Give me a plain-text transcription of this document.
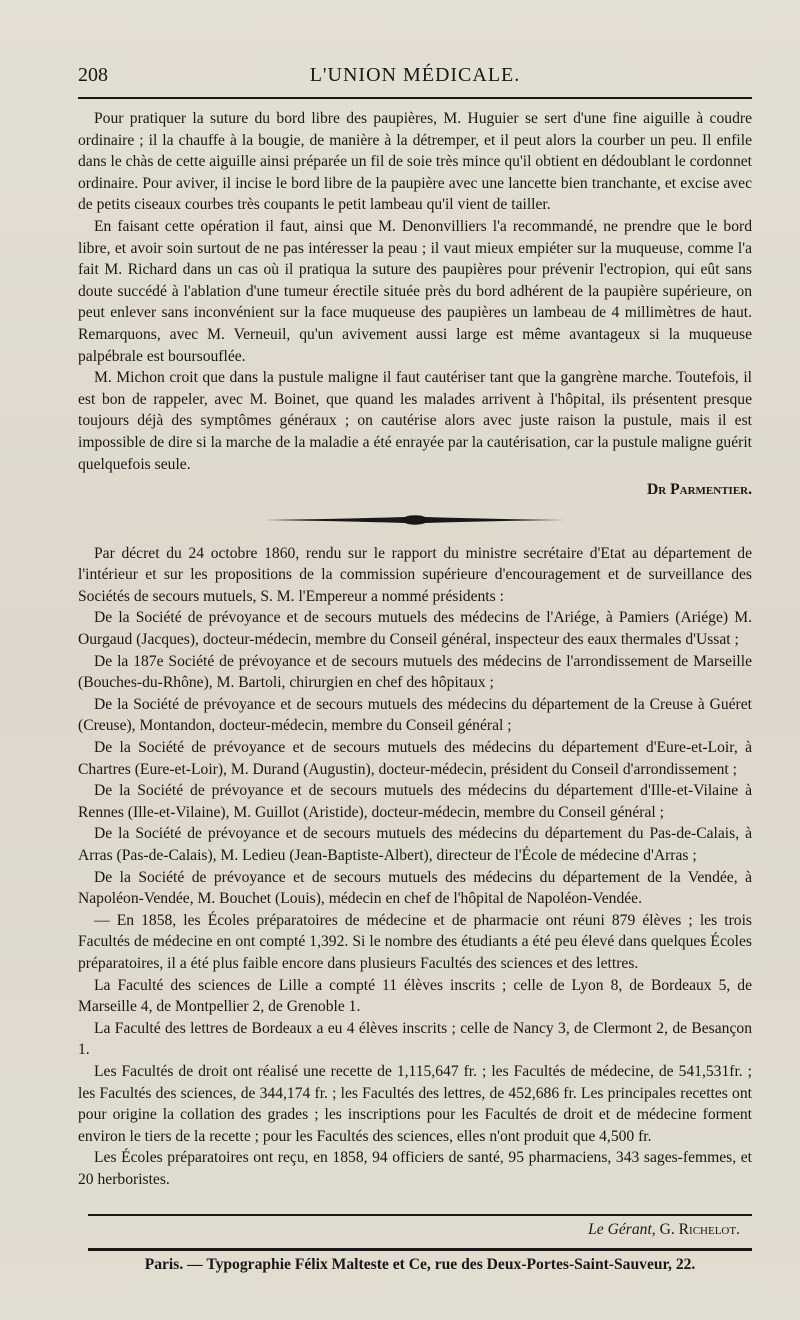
208	L'UNION MÉDICALE.

Pour pratiquer la suture du bord libre des paupières, M. Huguier se sert d'une fine aiguille à coudre ordinaire ; il la chauffe à la bougie, de manière à la détremper, et il peut alors la courber un peu. Il enfile dans le chàs de cette aiguille ainsi préparée un fil de soie très mince qu'il obtient en dédoublant le cordonnet ordinaire. Pour aviver, il incise le bord libre de la paupière avec une lancette bien tranchante, et excise avec de petits ciseaux courbes très coupants le petit lambeau qu'il vient de tailler.

En faisant cette opération il faut, ainsi que M. Denonvilliers l'a recommandé, ne prendre que le bord libre, et avoir soin surtout de ne pas intéresser la peau ; il vaut mieux empiéter sur la muqueuse, comme l'a fait M. Richard dans un cas où il pratiqua la suture des paupières pour prévenir l'ectropion, qui eût sans doute succédé à l'ablation d'une tumeur érectile située près du bord adhérent de la paupière supérieure, on peut enlever sans inconvénient sur la face muqueuse des paupières un lambeau de 4 millimètres de haut. Remarquons, avec M. Verneuil, qu'un avivement aussi large est même avantageux si la muqueuse palpébrale est boursouflée.

M. Michon croit que dans la pustule maligne il faut cautériser tant que la gangrène marche. Toutefois, il est bon de rappeler, avec M. Boinet, que quand les malades arrivent à l'hôpital, ils présentent presque toujours déjà des symptômes généraux ; on cautérise alors avec juste raison la pustule, mais il est impossible de dire si la marche de la maladie a été enrayée par la cautérisation, car la pustule maligne guérit quelquefois seule.

Dr Parmentier.

Par décret du 24 octobre 1860, rendu sur le rapport du ministre secrétaire d'Etat au département de l'intérieur et sur les propositions de la commission supérieure d'encouragement et de surveillance des Sociétés de secours mutuels, S. M. l'Empereur a nommé présidents :

De la Société de prévoyance et de secours mutuels des médecins de l'Ariége, à Pamiers (Ariége) M. Ourgaud (Jacques), docteur-médecin, membre du Conseil général, inspecteur des eaux thermales d'Ussat ;

De la 187e Société de prévoyance et de secours mutuels des médecins de l'arrondissement de Marseille (Bouches-du-Rhône), M. Bartoli, chirurgien en chef des hôpitaux ;

De la Société de prévoyance et de secours mutuels des médecins du département de la Creuse à Guéret (Creuse), Montandon, docteur-médecin, membre du Conseil général ;

De la Société de prévoyance et de secours mutuels des médecins du département d'Eure-et-Loir, à Chartres (Eure-et-Loir), M. Durand (Augustin), docteur-médecin, président du Conseil d'arrondissement ;

De la Société de prévoyance et de secours mutuels des médecins du département d'Ille-et-Vilaine à Rennes (Ille-et-Vilaine), M. Guillot (Aristide), docteur-médecin, membre du Conseil général ;

De la Société de prévoyance et de secours mutuels des médecins du département du Pas-de-Calais, à Arras (Pas-de-Calais), M. Ledieu (Jean-Baptiste-Albert), directeur de l'École de médecine d'Arras ;

De la Société de prévoyance et de secours mutuels des médecins du département de la Vendée, à Napoléon-Vendée, M. Bouchet (Louis), médecin en chef de l'hôpital de Napoléon-Vendée.

— En 1858, les Écoles préparatoires de médecine et de pharmacie ont réuni 879 élèves ; les trois Facultés de médecine en ont compté 1,392. Si le nombre des étudiants a été peu élevé dans quelques Écoles préparatoires, il a été plus faible encore dans plusieurs Facultés des sciences et des lettres.

La Faculté des sciences de Lille a compté 11 élèves inscrits ; celle de Lyon 8, de Bordeaux 5, de Marseille 4, de Montpellier 2, de Grenoble 1.

La Faculté des lettres de Bordeaux a eu 4 élèves inscrits ; celle de Nancy 3, de Clermont 2, de Besançon 1.

Les Facultés de droit ont réalisé une recette de 1,115,647 fr. ; les Facultés de médecine, de 541,531fr. ; les Facultés des sciences, de 344,174 fr. ; les Facultés des lettres, de 452,686 fr. Les principales recettes ont pour origine la collation des grades ; les inscriptions pour les Facultés de droit et de médecine forment environ le tiers de la recette ; pour les Facultés des sciences, elles n'ont produit que 4,500 fr.

Les Écoles préparatoires ont reçu, en 1858, 94 officiers de santé, 95 pharmaciens, 343 sages-femmes, et 20 herboristes.

Le Gérant, G. Richelot.
Paris. — Typographie Félix Malteste et Ce, rue des Deux-Portes-Saint-Sauveur, 22.
